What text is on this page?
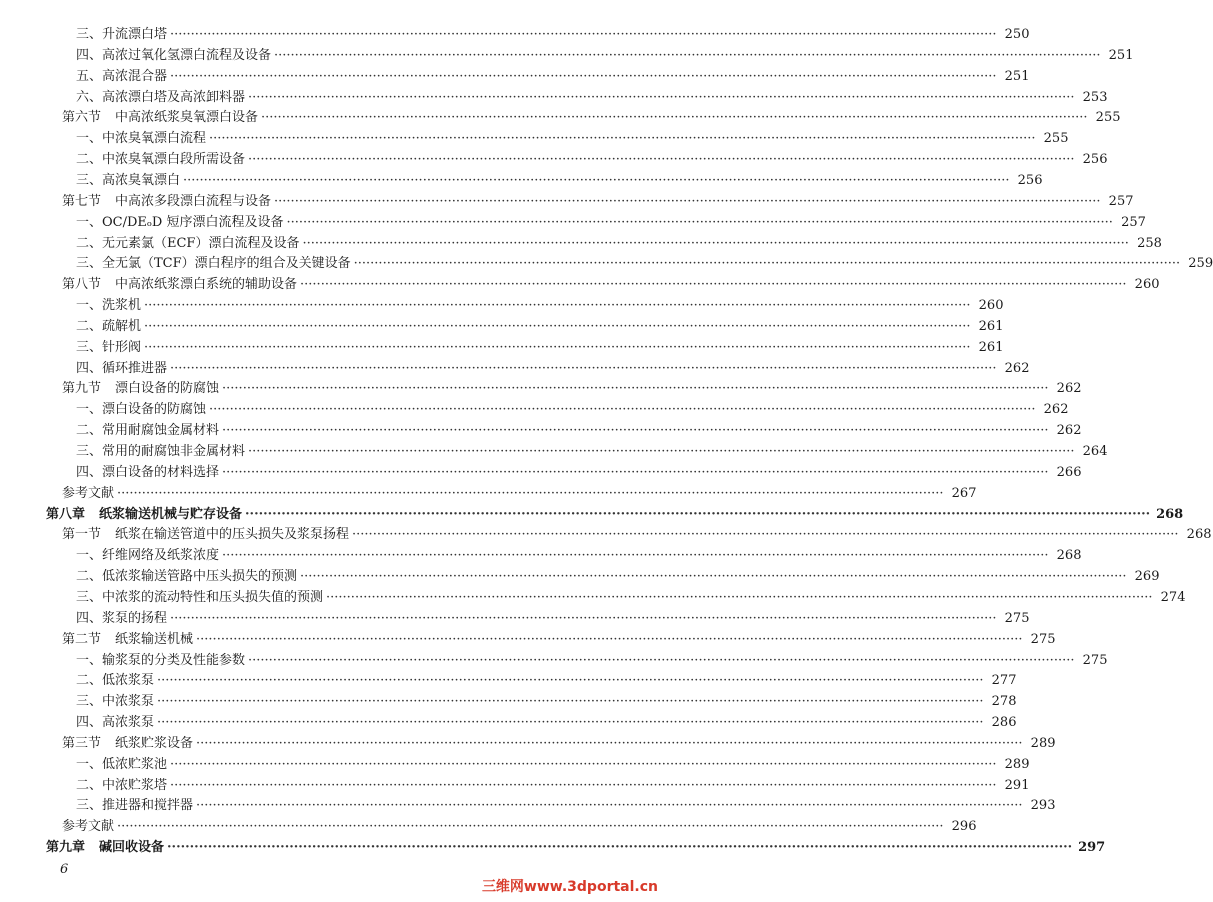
三、升流漂白塔 ········································································································································································································ 250
四、高浓过氧化氢漂白流程及设备 ········································································································································································································ 251
五、高浓混合器 ········································································································································································································ 251
六、高浓漂白塔及高浓卸料器 ········································································································································································································ 253
第六节 中高浓纸浆臭氧漂白设备 ········································································································································································································ 255
一、中浓臭氧漂白流程 ········································································································································································································ 255
二、中浓臭氧漂白段所需设备 ········································································································································································································ 256
三、高浓臭氧漂白 ········································································································································································································ 256
第七节 中高浓多段漂白流程与设备 ········································································································································································································ 257
一、OC/DEₒD 短序漂白流程及设备 ········································································································································································································ 257
二、无元素氯（ECF）漂白流程及设备 ········································································································································································································ 258
三、全无氯（TCF）漂白程序的组合及关键设备 ········································································································································································································ 259
第八节 中高浓纸浆漂白系统的辅助设备 ········································································································································································································ 260
一、洗浆机 ········································································································································································································ 260
二、疏解机 ········································································································································································································ 261
三、针形阀 ········································································································································································································ 261
四、循环推进器 ········································································································································································································ 262
第九节 漂白设备的防腐蚀 ········································································································································································································ 262
一、漂白设备的防腐蚀 ········································································································································································································ 262
二、常用耐腐蚀金属材料 ········································································································································································································ 262
三、常用的耐腐蚀非金属材料 ········································································································································································································ 264
四、漂白设备的材料选择 ········································································································································································································ 266
参考文献 ········································································································································································································ 267
第八章 纸浆输送机械与贮存设备 ········································································································································································································ 268
第一节 纸浆在输送管道中的压头损失及浆泵扬程 ········································································································································································································ 268
一、纤维网络及纸浆浓度 ········································································································································································································ 268
二、低浓浆输送管路中压头损失的预测 ········································································································································································································ 269
三、中浓浆的流动特性和压头损失值的预测 ········································································································································································································ 274
四、浆泵的扬程 ········································································································································································································ 275
第二节 纸浆输送机械 ········································································································································································································ 275
一、输浆泵的分类及性能参数 ········································································································································································································ 275
二、低浓浆泵 ········································································································································································································ 277
三、中浓浆泵 ········································································································································································································ 278
四、高浓浆泵 ········································································································································································································ 286
第三节 纸浆贮浆设备 ········································································································································································································ 289
一、低浓贮浆池 ········································································································································································································ 289
二、中浓贮浆塔 ········································································································································································································ 291
三、推进器和搅拌器 ········································································································································································································ 293
参考文献 ········································································································································································································ 296
第九章 碱回收设备 ········································································································································································································ 297
6
三维网www.3dportal.cn
